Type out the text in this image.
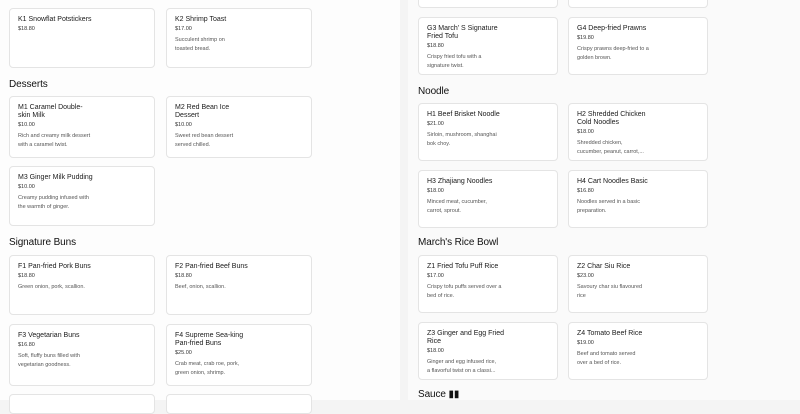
K1 Snowflat Potstickers
$18.80
K2 Shrimp Toast
$17.00
Succulent shrimp on toasted bread.
Desserts
M1 Caramel Double-skin Milk
$10.00
Rich and creamy milk dessert with a caramel twist.
M2 Red Bean Ice Dessert
$10.00
Sweet red bean dessert served chilled.
M3 Ginger Milk Pudding
$10.00
Creamy pudding infused with the warmth of ginger.
Signature Buns
F1 Pan-fried Pork Buns
$18.80
Green onion, pork, scallion.
F2 Pan-fried Beef Buns
$18.80
Beef, onion, scallion.
F3 Vegetarian Buns
$16.80
Soft, fluffy buns filled with vegetarian goodness.
F4 Supreme Sea-king Pan-fried Buns
$25.00
Crab meat, crab roe, pork, green onion, shrimp.
G3 March' S Signature Fried Tofu
$18.80
Crispy fried tofu with a signature twist.
G4 Deep-fried Prawns
$19.80
Crispy prawns deep-fried to a golden brown.
Noodle
H1 Beef Brisket Noodle
$21.00
Sirloin, mushroom, shanghai bok choy.
H2 Shredded Chicken Cold Noodles
$18.00
Shredded chicken, cucumber, peanut, carrot,...
H3 Zhajiang Noodles
$18.00
Minced meat, cucumber, carrot, sprout.
H4 Cart Noodles Basic
$16.80
Noodles served in a basic preparation.
March's Rice Bowl
Z1 Fried Tofu Puff Rice
$17.00
Crispy tofu puffs served over a bed of rice.
Z2 Char Siu Rice
$23.00
Savoury char siu flavoured rice
Z3 Ginger and Egg Fried Rice
$18.00
Ginger and egg infused rice, a flavorful twist on a classi...
Z4 Tomato Beef Rice
$19.00
Beef and tomato served over a bed of rice.
Sauce ▮▮
